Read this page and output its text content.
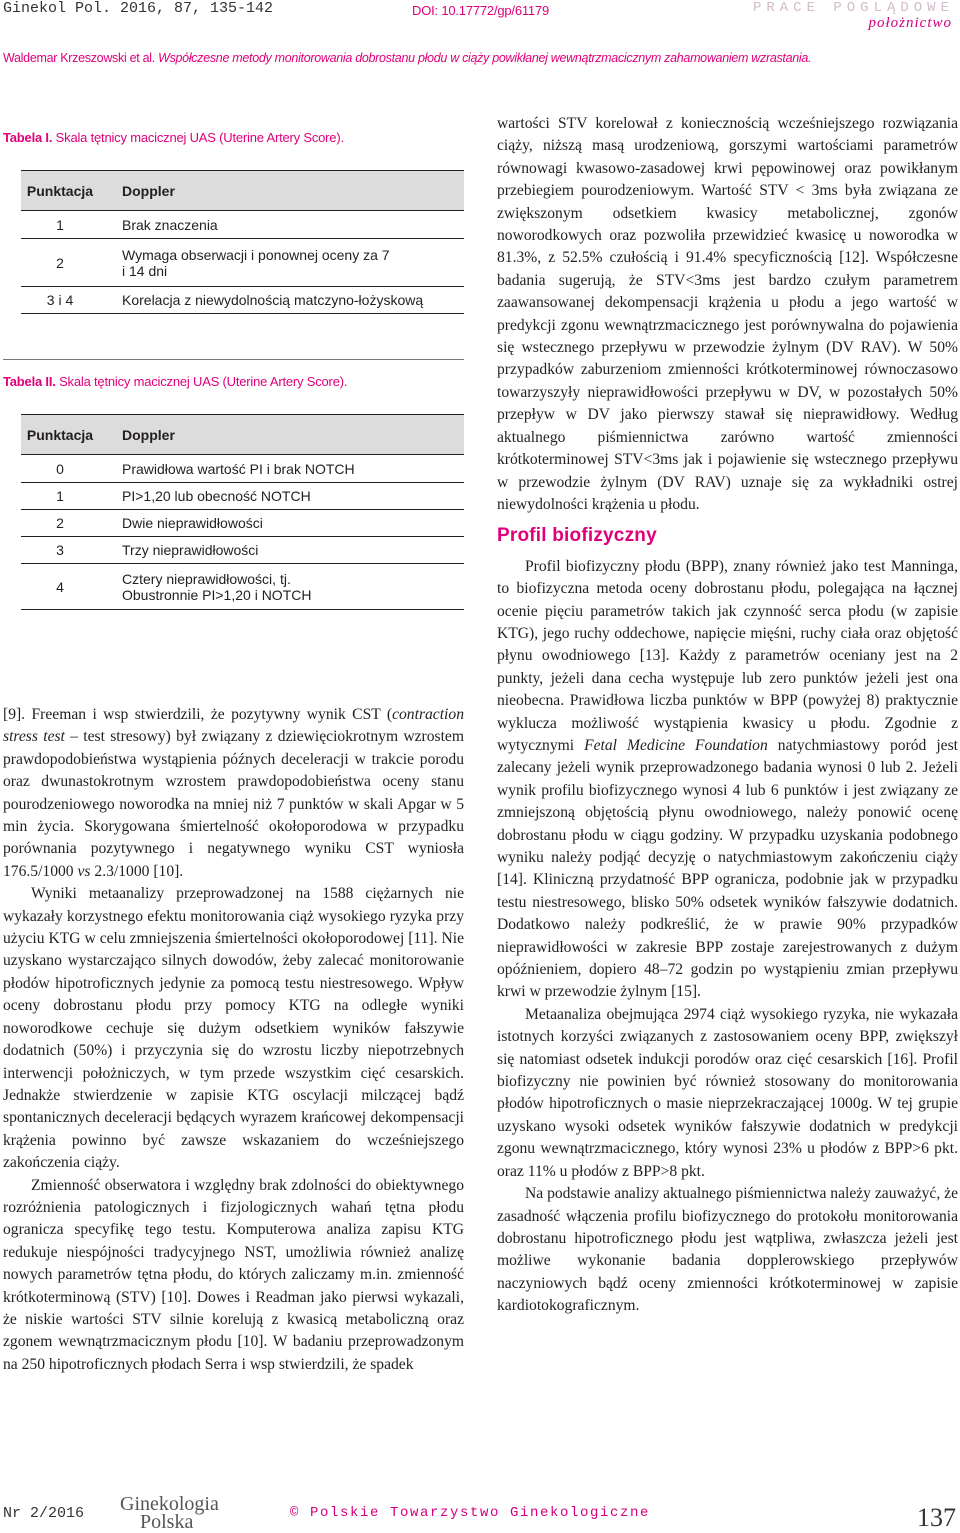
Ginekol Pol. 2016, 87, 135-142	DOI: 10.17772/gp/61179	PRACE POGLĄDOWE
położnictwo
Waldemar Krzeszowski et al. Współczesne metody monitorowania dobrostanu płodu w ciąży powikłanej wewnątrzmacicznym zahamowaniem wzrastania.
Tabela I. Skala tętnicy macicznej UAS (Uterine Artery Score).
Punktacja	Doppler
1	Brak znaczenia
2	Wymaga obserwacji i ponownej oceny za 7 i 14 dni
3 i 4	Korelacja z niewydolnością matczyno-łożyskową
Tabela II. Skala tętnicy macicznej UAS (Uterine Artery Score).
Punktacja	Doppler
0	Prawidłowa wartość PI i brak NOTCH
1	PI>1,20 lub obecność NOTCH
2	Dwie nieprawidłowości
3	Trzy nieprawidłowości
4	Cztery nieprawidłowości, tj. Obustronnie PI>1,20 i NOTCH

[9]. Freeman i wsp stwierdzili, że pozytywny wynik CST (contraction stress test – test stresowy) był związany z dziewięciokrotnym wzrostem prawdopodobieństwa wystąpienia późnych deceleracji w trakcie porodu oraz dwunastokrotnym wzrostem prawdopodobieństwa oceny stanu pourodzeniowego noworodka na mniej niż 7 punktów w skali Apgar w 5 min życia. Skorygowana śmiertelność okołoporodowa w przypadku porównania pozytywnego i negatywnego wyniku CST wyniosła 176.5/1000 vs 2.3/1000 [10].

Wyniki metaanalizy przeprowadzonej na 1588 ciężarnych nie wykazały korzystnego efektu monitorowania ciąż wysokiego ryzyka przy użyciu KTG w celu zmniejszenia śmiertelności okołoporodowej [11]. Nie uzyskano wystarczająco silnych dowodów, żeby zalecać monitorowanie płodów hipotroficznych jedynie za pomocą testu niestresowego. Wpływ oceny dobrostanu płodu przy pomocy KTG na odległe wyniki noworodkowe cechuje się dużym odsetkiem wyników fałszywie dodatnich (50%) i przyczynia się do wzrostu liczby niepotrzebnych interwencji położniczych, w tym przede wszystkim cięć cesarskich. Jednakże stwierdzenie w zapisie KTG oscylacji milczącej bądź spontanicznych deceleracji będących wyrazem krańcowej dekompensacji krążenia powinno być zawsze wskazaniem do wcześniejszego zakończenia ciąży.

Zmienność obserwatora i względny brak zdolności do obiektywnego rozróżnienia patologicznych i fizjologicznych wahań tętna płodu ogranicza specyfikę tego testu. Komputerowa analiza zapisu KTG redukuje niespójności tradycyjnego NST, umożliwia również analizę nowych parametrów tętna płodu, do których zaliczamy m.in. zmienność krótkoterminową (STV) [10]. Dowes i Readman jako pierwsi wykazali, że niskie wartości STV silnie korelują z kwasicą metaboliczną oraz zgonem wewnątrzmacicznym płodu [10]. W badaniu przeprowadzonym na 250 hipotroficznych płodach Serra i wsp stwierdzili, że spadek

wartości STV korelował z koniecznością wcześniejszego rozwiązania ciąży, niższą masą urodzeniową, gorszymi wartościami parametrów równowagi kwasowo-zasadowej krwi pępowinowej oraz powikłanym przebiegiem pourodzeniowym. Wartość STV < 3ms była związana ze zwiększonym odsetkiem kwasicy metabolicznej, zgonów noworodkowych oraz pozwoliła przewidzieć kwasicę u noworodka w 81.3%, z 52.5% czułością i 91.4% specyficznością [12]. Współczesne badania sugerują, że STV<3ms jest bardzo czułym parametrem zaawansowanej dekompensacji krążenia u płodu a jego wartość w predykcji zgonu wewnątrzmacicznego jest porównywalna do pojawienia się wstecznego przepływu w przewodzie żylnym (DV RAV). W 50% przypadków zaburzeniom zmienności krótkoterminowej równoczasowo towarzyszyły nieprawidłowości przepływu w DV, w pozostałych 50% przepływ w DV jako pierwszy stawał się nieprawidłowy. Według aktualnego piśmiennictwa zarówno wartość zmienności krótkoterminowej STV<3ms jak i pojawienie się wstecznego przepływu w przewodzie żylnym (DV RAV) uznaje się za wykładniki ostrej niewydolności krążenia u płodu.

Profil biofizyczny

Profil biofizyczny płodu (BPP), znany również jako test Manninga, to biofizyczna metoda oceny dobrostanu płodu, polegająca na łącznej ocenie pięciu parametrów takich jak czynność serca płodu (w zapisie KTG), jego ruchy oddechowe, napięcie mięśni, ruchy ciała oraz objętość płynu owodniowego [13]. Każdy z parametrów oceniany jest na 2 punkty, jeżeli dana cecha występuje lub zero punktów jeżeli jest ona nieobecna. Prawidłowa liczba punktów w BPP (powyżej 8) praktycznie wyklucza możliwość wystąpienia kwasicy u płodu. Zgodnie z wytycznymi Fetal Medicine Foundation natychmiastowy poród jest zalecany jeżeli wynik przeprowadzonego badania wynosi 0 lub 2. Jeżeli wynik profilu biofizycznego wynosi 4 lub 6 punktów i jest związany ze zmniejszoną objętością płynu owodniowego, należy ponowić ocenę dobrostanu płodu w ciągu godziny. W przypadku uzyskania podobnego wyniku należy podjąć decyzję o natychmiastowym zakończeniu ciąży [14]. Kliniczną przydatność BPP ogranicza, podobnie jak w przypadku testu niestresowego, blisko 50% odsetek wyników fałszywie dodatnich. Dodatkowo należy podkreślić, że w prawie 90% przypadków nieprawidłowości w zakresie BPP zostaje zarejestrowanych z dużym opóźnieniem, dopiero 48–72 godzin po wystąpieniu zmian przepływu krwi w przewodzie żylnym [15].

Metaanaliza obejmująca 2974 ciąż wysokiego ryzyka, nie wykazała istotnych korzyści związanych z zastosowaniem oceny BPP, zwiększył się natomiast odsetek indukcji porodów oraz cięć cesarskich [16]. Profil biofizyczny nie powinien być również stosowany do monitorowania płodów hipotroficznych o masie nieprzekraczającej 1000g. W tej grupie uzyskano wysoki odsetek wyników fałszywie dodatnich w predykcji zgonu wewnątrzmacicznego, który wynosi 23% u płodów z BPP>6 pkt. oraz 11% u płodów z BPP>8 pkt.

Na podstawie analizy aktualnego piśmiennictwa należy zauważyć, że zasadność włączenia profilu biofizycznego do protokołu monitorowania dobrostanu hipotroficznego płodu jest wątpliwa, zwłaszcza jeżeli jest możliwe wykonanie badania dopplerowskiego przepływów naczyniowych bądź oceny zmienności krótkoterminowej w zapisie kardiotokograficznym.

Nr 2/2016 Ginekologia
Polska	© Polskie Towarzystwo Ginekologiczne	137
